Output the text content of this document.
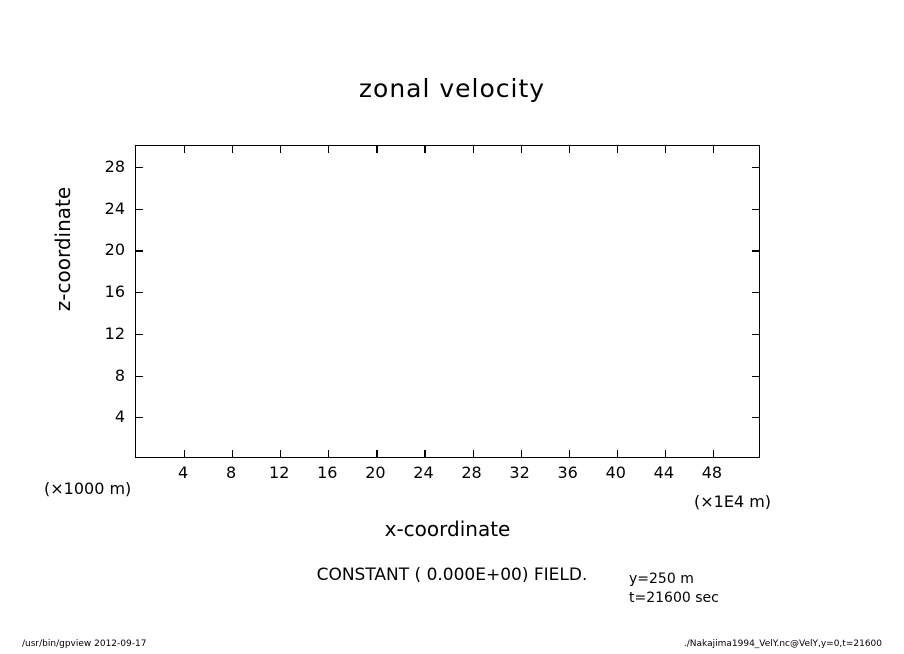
zonal velocity
4	8	12	16	20	24	28	32	36	40	44	48
4
8
12
16
20
24
28
x-coordinate
z-coordinate
(×1000 m)
(×1E4 m)
CONSTANT ( 0.000E+00) FIELD.	y=250 m
t=21600 sec
/usr/bin/gpview 2012-09-17	./Nakajima1994_VelY.nc@VelY,y=0,t=21600
